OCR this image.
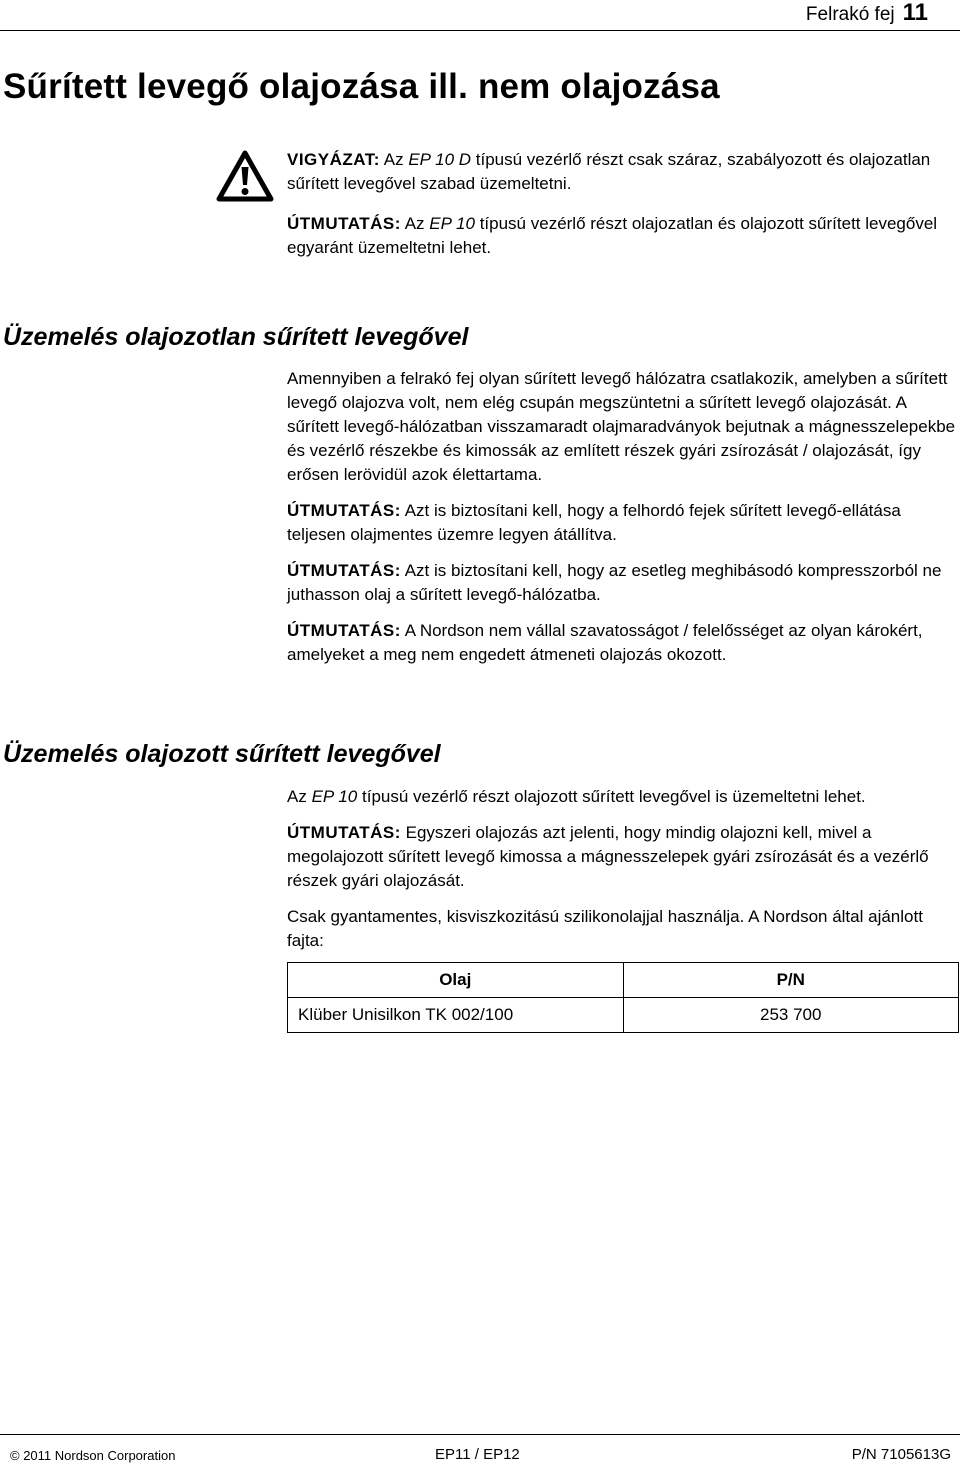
Felrakó fej 11
Sűrített levegő olajozása ill. nem olajozása

VIGYÁZAT: Az EP 10 D típusú vezérlő részt csak száraz, szabályozott és olajozatlan sűrített levegővel szabad üzemeltetni.

ÚTMUTATÁS: Az EP 10 típusú vezérlő részt olajozatlan és olajozott sűrített levegővel egyaránt üzemeltetni lehet.

Üzemelés olajozotlan sűrített levegővel

Amennyiben a felrakó fej olyan sűrített levegő hálózatra csatlakozik, amelyben a sűrített levegő olajozva volt, nem elég csupán megszüntetni a sűrített levegő olajozását. A sűrített levegő-hálózatban visszamaradt olajmaradványok bejutnak a mágnesszelepekbe és vezérlő részekbe és kimossák az említett részek gyári zsírozását / olajozását, így erősen lerövidül azok élettartama.

ÚTMUTATÁS: Azt is biztosítani kell, hogy a felhordó fejek sűrített levegő-ellátása teljesen olajmentes üzemre legyen átállítva.

ÚTMUTATÁS: Azt is biztosítani kell, hogy az esetleg meghibásodó kompresszorból ne juthasson olaj a sűrített levegő-hálózatba.

ÚTMUTATÁS: A Nordson nem vállal szavatosságot / felelősséget az olyan károkért, amelyeket a meg nem engedett átmeneti olajozás okozott.

Üzemelés olajozott sűrített levegővel

Az EP 10 típusú vezérlő részt olajozott sűrített levegővel is üzemeltetni lehet.

ÚTMUTATÁS: Egyszeri olajozás azt jelenti, hogy mindig olajozni kell, mivel a megolajozott sűrített levegő kimossa a mágnesszelepek gyári zsírozását és a vezérlő részek gyári olajozását.

Csak gyantamentes, kisviszkozitású szilikonolajjal használja. A Nordson által ajánlott fajta:

Olaj	P/N
Klüber Unisilkon TK 002/100	253 700
© 2011 Nordson Corporation	EP11 / EP12	P/N 7105613G
